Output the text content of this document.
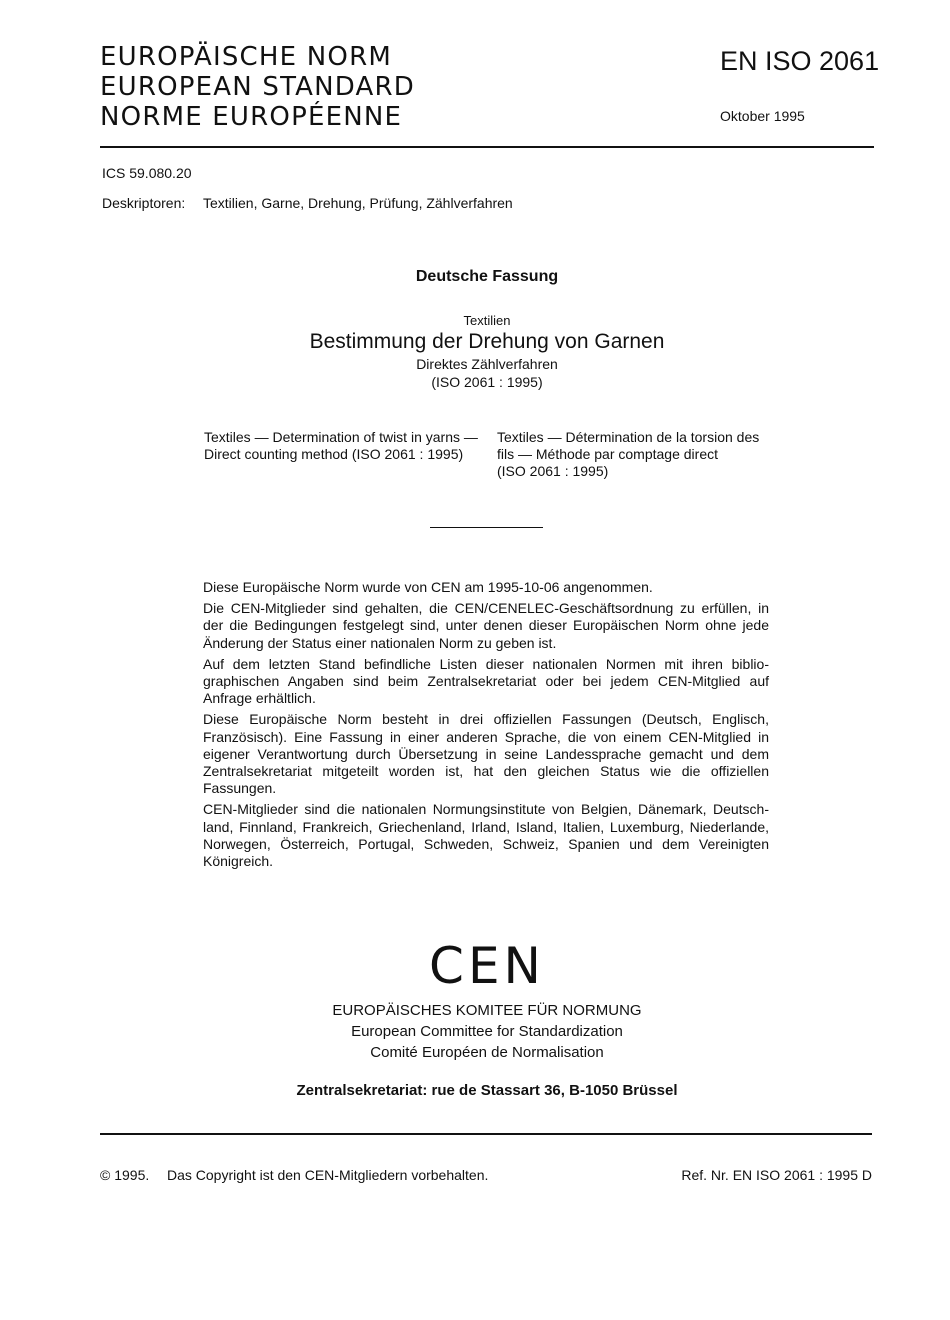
EUROPÄISCHE NORM
EUROPEAN STANDARD
NORME EUROPÉENNE
EN ISO 2061
Oktober 1995
ICS 59.080.20
Deskriptoren: Textilien, Garne, Drehung, Prüfung, Zählverfahren
Deutsche Fassung
Textilien
Bestimmung der Drehung von Garnen
Direktes Zählverfahren
(ISO 2061 : 1995)
Textiles — Determination of twist in yarns —
Direct counting method (ISO 2061 : 1995)
Textiles — Détermination de la torsion des
fils — Méthode par comptage direct
(ISO 2061 : 1995)

Diese Europäische Norm wurde von CEN am 1995-10-06 angenommen.

Die CEN-Mitglieder sind gehalten, die CEN/CENELEC-Geschäftsordnung zu erfüllen, in der die Bedingungen festgelegt sind, unter denen dieser Europäischen Norm ohne jede Änderung der Status einer nationalen Norm zu geben ist.

Auf dem letzten Stand befindliche Listen dieser nationalen Normen mit ihren biblio-graphischen Angaben sind beim Zentralsekretariat oder bei jedem CEN-Mitglied auf Anfrage erhältlich.

Diese Europäische Norm besteht in drei offiziellen Fassungen (Deutsch, Englisch, Französisch). Eine Fassung in einer anderen Sprache, die von einem CEN-Mitglied in eigener Verantwortung durch Übersetzung in seine Landessprache gemacht und dem Zentralsekretariat mitgeteilt worden ist, hat den gleichen Status wie die offiziellen Fassungen.

CEN-Mitglieder sind die nationalen Normungsinstitute von Belgien, Dänemark, Deutsch-land, Finnland, Frankreich, Griechenland, Irland, Island, Italien, Luxemburg, Niederlande, Norwegen, Österreich, Portugal, Schweden, Schweiz, Spanien und dem Vereinigten Königreich.

CEN
EUROPÄISCHES KOMITEE FÜR NORMUNG
European Committee for Standardization
Comité Européen de Normalisation
Zentralsekretariat: rue de Stassart 36, B-1050 Brüssel
© 1995. Das Copyright ist den CEN-Mitgliedern vorbehalten.	Ref. Nr. EN ISO 2061 : 1995 D
